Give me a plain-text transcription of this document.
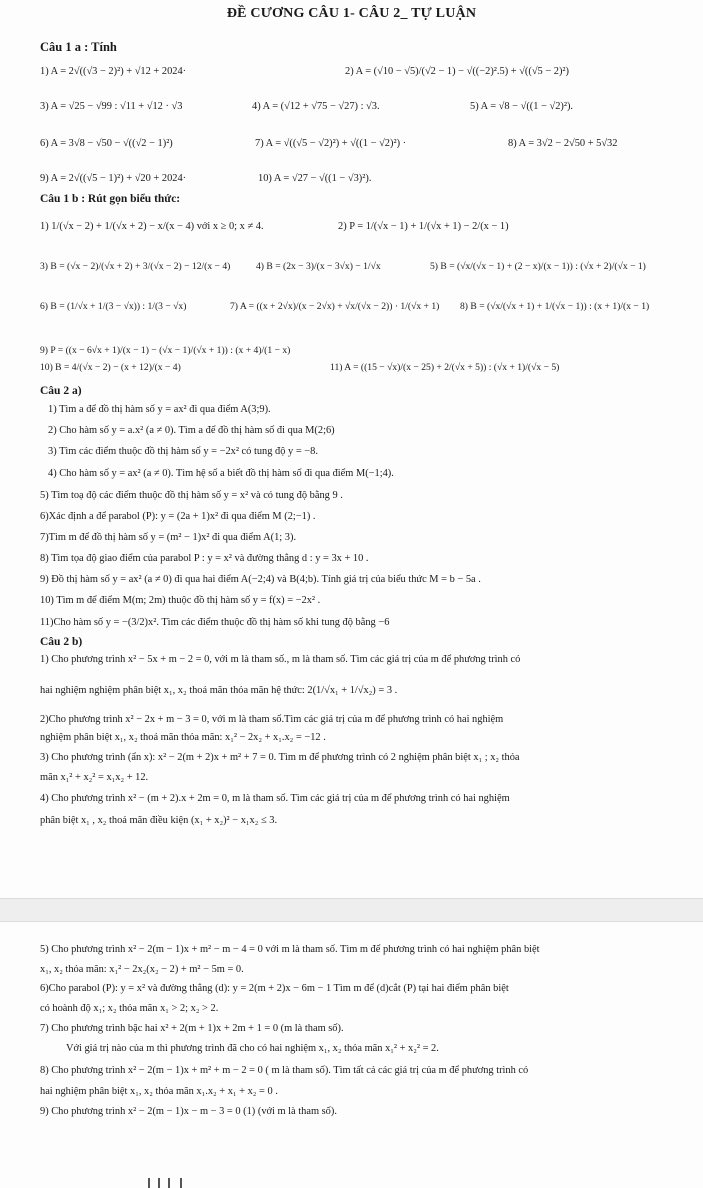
ĐỀ CƯƠNG CÂU 1- CÂU 2_ TỰ LUẬN
Câu 1 a : Tính
1) A = 2√((√3 − 2)²) + √12 + 2024·	2) A = (√10 − √5)/(√2 − 1) − √((−2)².5) + √((√5 − 2)²)
3) A = √25 − √99 : √11 + √12 · √3	4) A = (√12 + √75 − √27) : √3.	5) A = √8 − √((1 − √2)²).
6) A = 3√8 − √50 − √((√2 − 1)²)	7) A = √((√5 − √2)²) + √((1 − √2)²) ·	8) A = 3√2 − 2√50 + 5√32
9) A = 2√((√5 − 1)²) + √20 + 2024·	10) A = √27 − √((1 − √3)²).
Câu 1 b : Rút gọn biểu thức:
1) 1/(√x − 2) + 1/(√x + 2) − x/(x − 4) với x ≥ 0; x ≠ 4.	2) P = 1/(√x − 1) + 1/(√x + 1) − 2/(x − 1)
3) B = (√x − 2)/(√x + 2) + 3/(√x − 2) − 12/(x − 4)	4) B = (2x − 3)/(x − 3√x) − 1/√x	5) B = (√x/(√x − 1) + (2 − x)/(x − 1)) : (√x + 2)/(√x − 1)
6) B = (1/√x + 1/(3 − √x)) : 1/(3 − √x)	7) A = ((x + 2√x)/(x − 2√x) + √x/(√x − 2)) · 1/(√x + 1) 8) B = (√x/(√x + 1) + 1/(√x − 1)) : (x + 1)/(x − 1)
9) P = ((x − 6√x + 1)/(x − 1) − (√x − 1)/(√x + 1)) : (x + 4)/(1 − x)
10) B = 4/(√x − 2) − (x + 12)/(x − 4)	11) A = ((15 − √x)/(x − 25) + 2/(√x + 5)) : (√x + 1)/(√x − 5)
Câu 2 a)
1) Tìm a để đồ thị hàm số y = ax² đi qua điểm A(3;9).
2) Cho hàm số y = a.x² (a ≠ 0). Tìm a để đồ thị hàm số đi qua M(2;6)
3) Tìm các điểm thuộc đồ thị hàm số y = −2x² có tung độ y = −8.
4) Cho hàm số y = ax² (a ≠ 0). Tìm hệ số a biết đồ thị hàm số đi qua điểm M(−1;4).
5) Tìm toạ độ các điểm thuộc đồ thị hàm số y = x² và có tung độ bằng 9 .
6)Xác định a để parabol (P): y = (2a + 1)x² đi qua điểm M (2;−1) .
7)Tìm m để đồ thị hàm số y = (m² − 1)x² đi qua điểm A(1; 3).
8) Tìm tọa độ giao điểm của parabol P : y = x² và đường thẳng d : y = 3x + 10 .
9) Đồ thị hàm số y = ax² (a ≠ 0) đi qua hai điểm A(−2;4) và B(4;b). Tính giá trị của biểu thức M = b − 5a .
10) Tìm m để điểm M(m; 2m) thuộc đồ thị hàm số y = f(x) = −2x² .
11)Cho hàm số y = −(3/2)x². Tìm các điểm thuộc đồ thị hàm số khi tung độ bằng −6
Câu 2 b)
1) Cho phương trình x² − 5x + m − 2 = 0, với m là tham số., m là tham số. Tìm các giá trị của m để phương trình có
hai nghiệm nghiệm phân biệt x₁, x₂ thoả mãn thỏa mãn hệ thức: 2(1/√x₁ + 1/√x₂) = 3 .
2)Cho phương trình x² − 2x + m − 3 = 0, với m là tham số.Tìm các giá trị của m để phương trình có hai nghiệm
nghiệm phân biệt x₁, x₂ thoả mãn thỏa mãn: x₁² − 2x₂ + x₁.x₂ = −12 .
3) Cho phương trình (ẩn x): x² − 2(m + 2)x + m² + 7 = 0. Tìm m để phương trình có 2 nghiệm phân biệt x₁ ; x₂ thỏa
mãn x₁² + x₂² = x₁x₂ + 12.
4) Cho phương trình x² − (m + 2).x + 2m = 0, m là tham số. Tìm các giá trị của m để phương trình có hai nghiệm
phân biệt x₁ , x₂ thoả mãn điều kiện (x₁ + x₂)² − x₁x₂ ≤ 3.
5) Cho phương trình x² − 2(m − 1)x + m² − m − 4 = 0 với m là tham số. Tìm m để phương trình có hai nghiệm phân biệt
x₁, x₂ thỏa mãn: x₁² − 2x₂(x₂ − 2) + m² − 5m = 0.
6)Cho parabol (P): y = x² và đường thẳng (d): y = 2(m + 2)x − 6m − 1 Tìm m để (d)cắt (P) tại hai điểm phân biệt
có hoành độ x₁; x₂ thỏa mãn x₁ > 2; x₂ > 2.
7) Cho phương trình bậc hai x² + 2(m + 1)x + 2m + 1 = 0 (m là tham số).
Với giá trị nào của m thì phương trình đã cho có hai nghiệm x₁, x₂ thỏa mãn x₁² + x₂² = 2.
8) Cho phương trình x² − 2(m − 1)x + m² + m − 2 = 0 ( m là tham số). Tìm tất cả các giá trị của m để phương trình có
hai nghiệm phân biệt x₁, x₂ thỏa mãn x₁.x₂ + x₁ + x₂ = 0 .
9) Cho phương trình x² − 2(m − 1)x − m − 3 = 0 (1) (với m là tham số).
